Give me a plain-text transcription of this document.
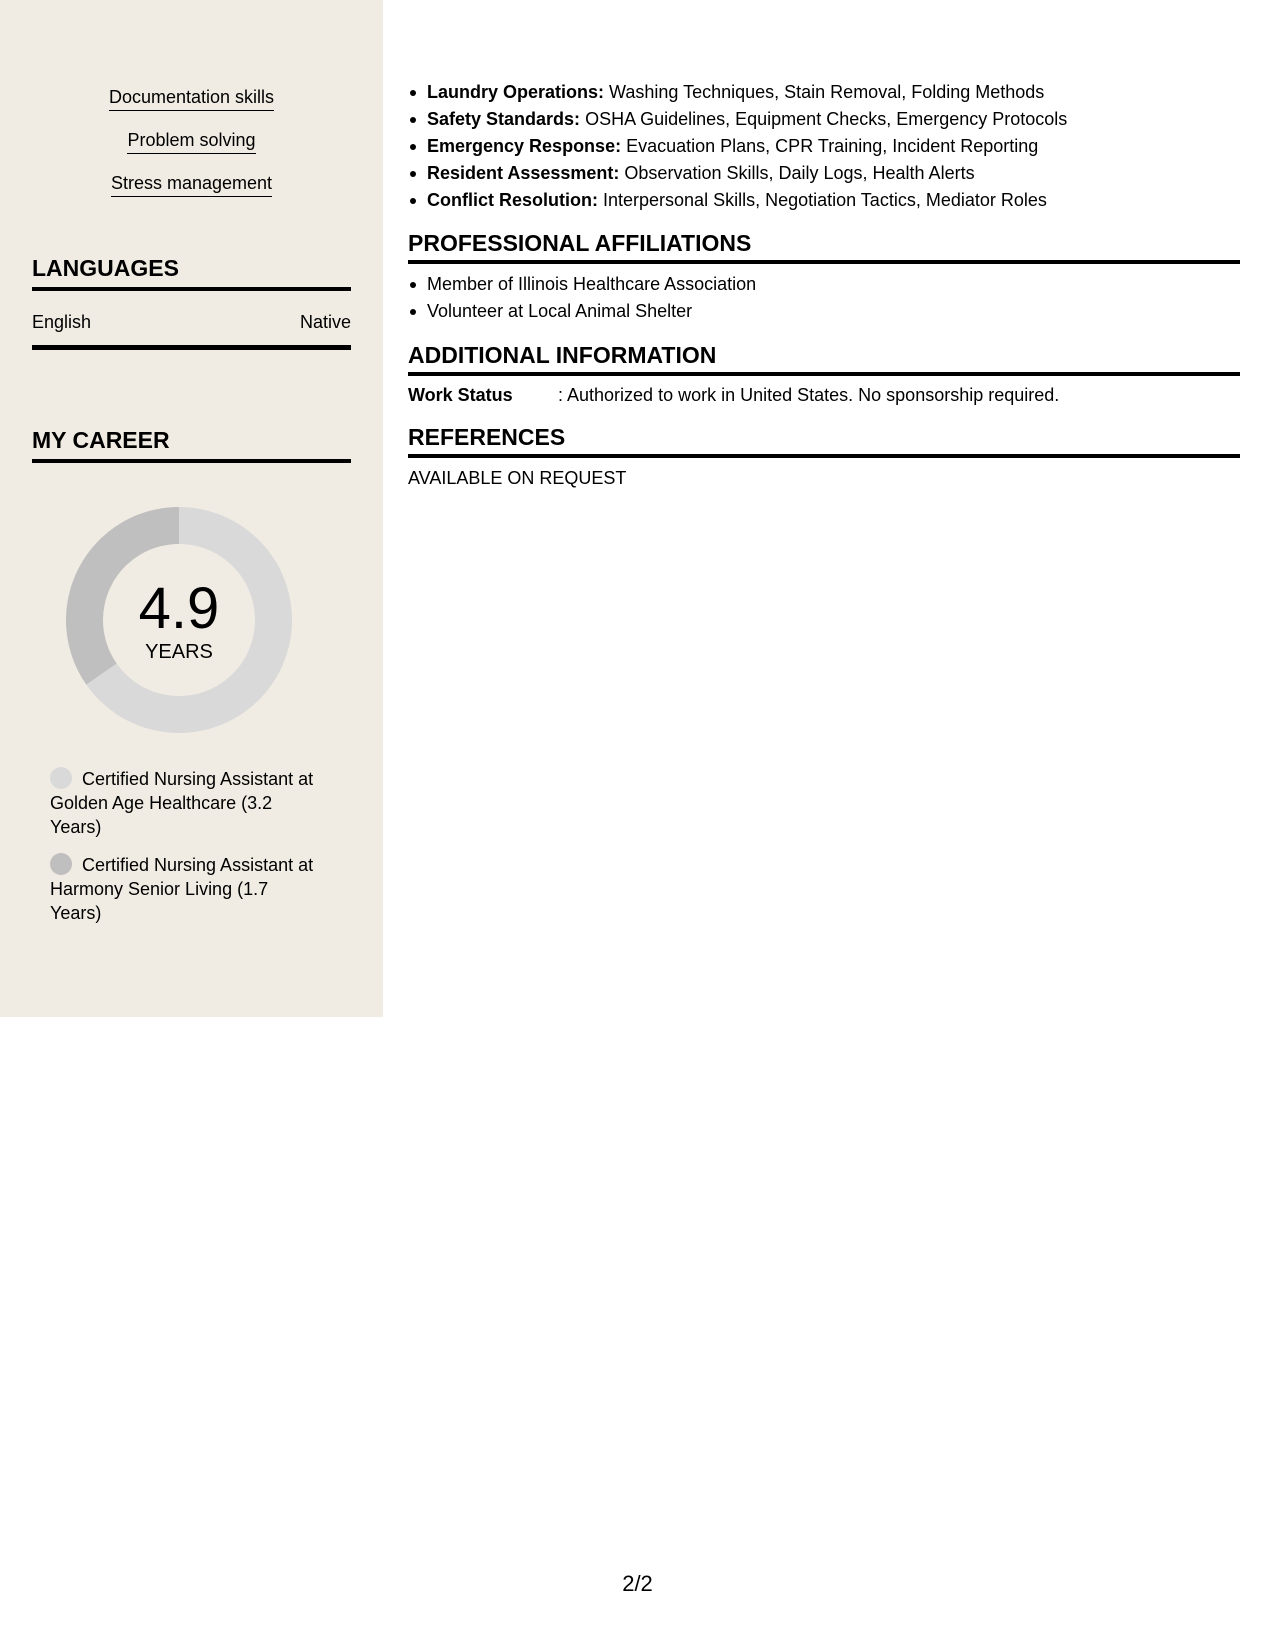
Documentation skills
Problem solving
Stress management
LANGUAGES
English	Native
MY CAREER
4.9
YEARS
Certified Nursing Assistant at Golden Age Healthcare (3.2 Years)
Certified Nursing Assistant at Harmony Senior Living (1.7 Years)
Laundry Operations: Washing Techniques, Stain Removal, Folding Methods
Safety Standards: OSHA Guidelines, Equipment Checks, Emergency Protocols
Emergency Response: Evacuation Plans, CPR Training, Incident Reporting
Resident Assessment: Observation Skills, Daily Logs, Health Alerts
Conflict Resolution: Interpersonal Skills, Negotiation Tactics, Mediator Roles
PROFESSIONAL AFFILIATIONS
Member of Illinois Healthcare Association
Volunteer at Local Animal Shelter
ADDITIONAL INFORMATION
Work Status	: Authorized to work in United States. No sponsorship required.
REFERENCES
AVAILABLE ON REQUEST
2/2
